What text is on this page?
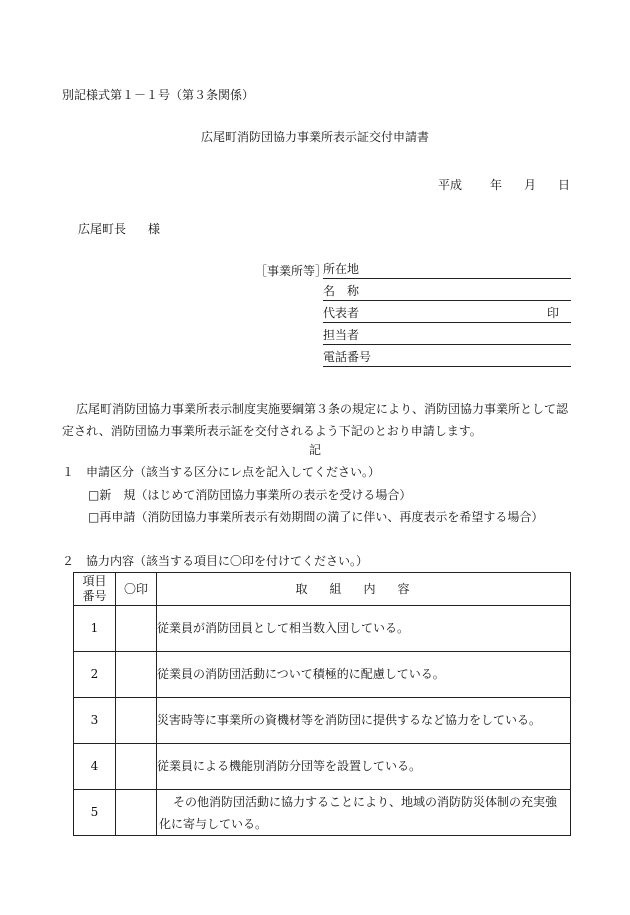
別記様式第１－１号（第３条関係）
広尾町消防団協力事業所表示証交付申請書
平成 年 月 日
広尾町長 様
［事業所等］
所在地
名　称
代表者	印
担当者
電話番号
広尾町消防団協力事業所表示制度実施要綱第３条の規定により、消防団協力事業所として認定され、消防団協力事業所表示証を交付されるよう下記のとおり申請します。
記
１　申請区分（該当する区分にレ点を記入してください。）
□新　規（はじめて消防団協力事業所の表示を受ける場合）
□再申請（消防団協力事業所表示有効期間の満了に伴い、再度表示を希望する場合）
２　協力内容（該当する項目に〇印を付けてください。）
項目
番号	〇印	取組内容
1		従業員が消防団員として相当数入団している。
2		従業員の消防団活動について積極的に配慮している。
3		災害時等に事業所の資機材等を消防団に提供するなど協力をしている。
4		従業員による機能別消防分団等を設置している。
5		その他消防団活動に協力することにより、地域の消防防災体制の充実強化に寄与している。
